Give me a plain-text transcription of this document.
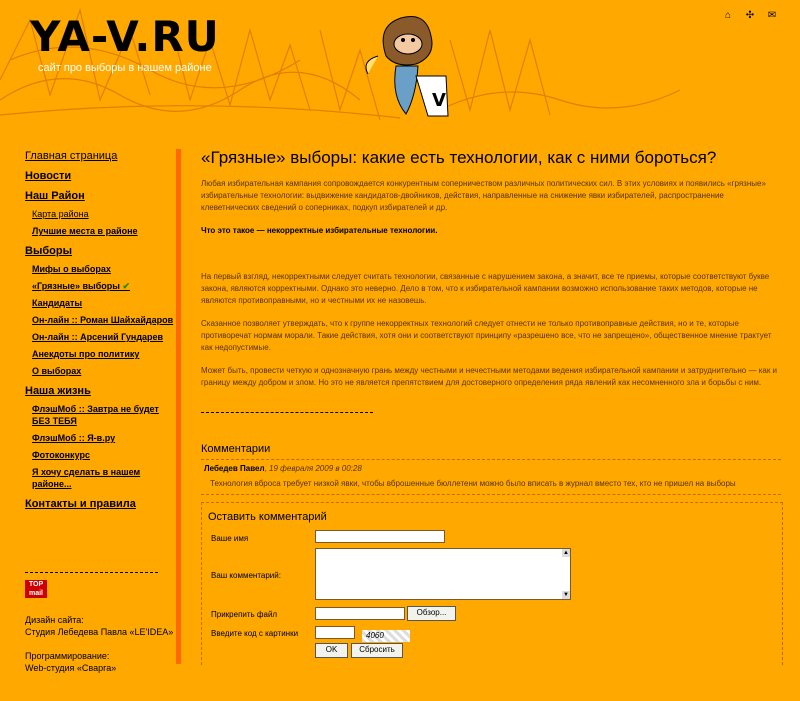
YA-V.RU
сайт про выборы в нашем районе
V
⌂ ✣ ✉
Главная страница
Новости
Наш Район
Карта района
Лучшие места в районе
Выборы
Мифы о выборах
«Грязные» выборы ✔
Кандидаты
Он-лайн :: Роман Шайхайдаров
Он-лайн :: Арсений Гундарев
Анекдоты про политику
О выборах
Наша жизнь
ФлэшМоб :: Завтра не будет БЕЗ ТЕБЯ
ФлэшМоб :: Я-в.ру
Фотоконкурс
Я хочу сделать в нашем районе...
Контакты и правила
TOP
mail
Дизайн сайта:
Студия Лебедева Павла «LE'IDEA»
Программирование:
Web-студия «Сварга»
«Грязные» выборы: какие есть технологии, как с ними бороться?

Любая избирательная кампания сопровождается конкурентным соперничеством различных политических сил. В этих условиях и появились «грязные» избирательные технологии: выдвижение кандидатов-двойников, действия, направленные на снижение явки избирателей, распространение клеветнических сведений о соперниках, подкуп избирателей и др.

Что это такое — некорректные избирательные технологии.

На первый взгляд, некорректными следует считать технологии, связанные с нарушением закона, а значит, все те приемы, которые соответствуют букве закона, являются корректными. Однако это неверно. Дело в том, что к избирательной кампании возможно использование таких методов, которые не являются противоправными, но и честными их не назовешь.

Сказанное позволяет утверждать, что к группе некорректных технологий следует отнести не только противоправные действия, но и те, которые противоречат нормам морали. Такие действия, хотя они и соответствуют принципу «разрешено все, что не запрещено», общественное мнение трактует как недопустимые.

Может быть, провести четкую и однозначную грань между честными и нечестными методами ведения избирательной кампании и затруднительно — как и границу между добром и злом. Но это не является препятствием для достоверного определения ряда явлений как несомненного зла и борьбы с ним.

Комментарии
Лебедев Павел, 19 февраля 2009 в 00:28
Технология вброса требует низкой явки, чтобы вброшенные бюллетени можно было вписать в журнал вместо тех, кто не пришел на выборы
Оставить комментарий
Ваше имя
Ваш комментарий:
▲
▼
Прикрепить файл	Обзор...
Введите код с картинки	4060
OK	Сбросить
